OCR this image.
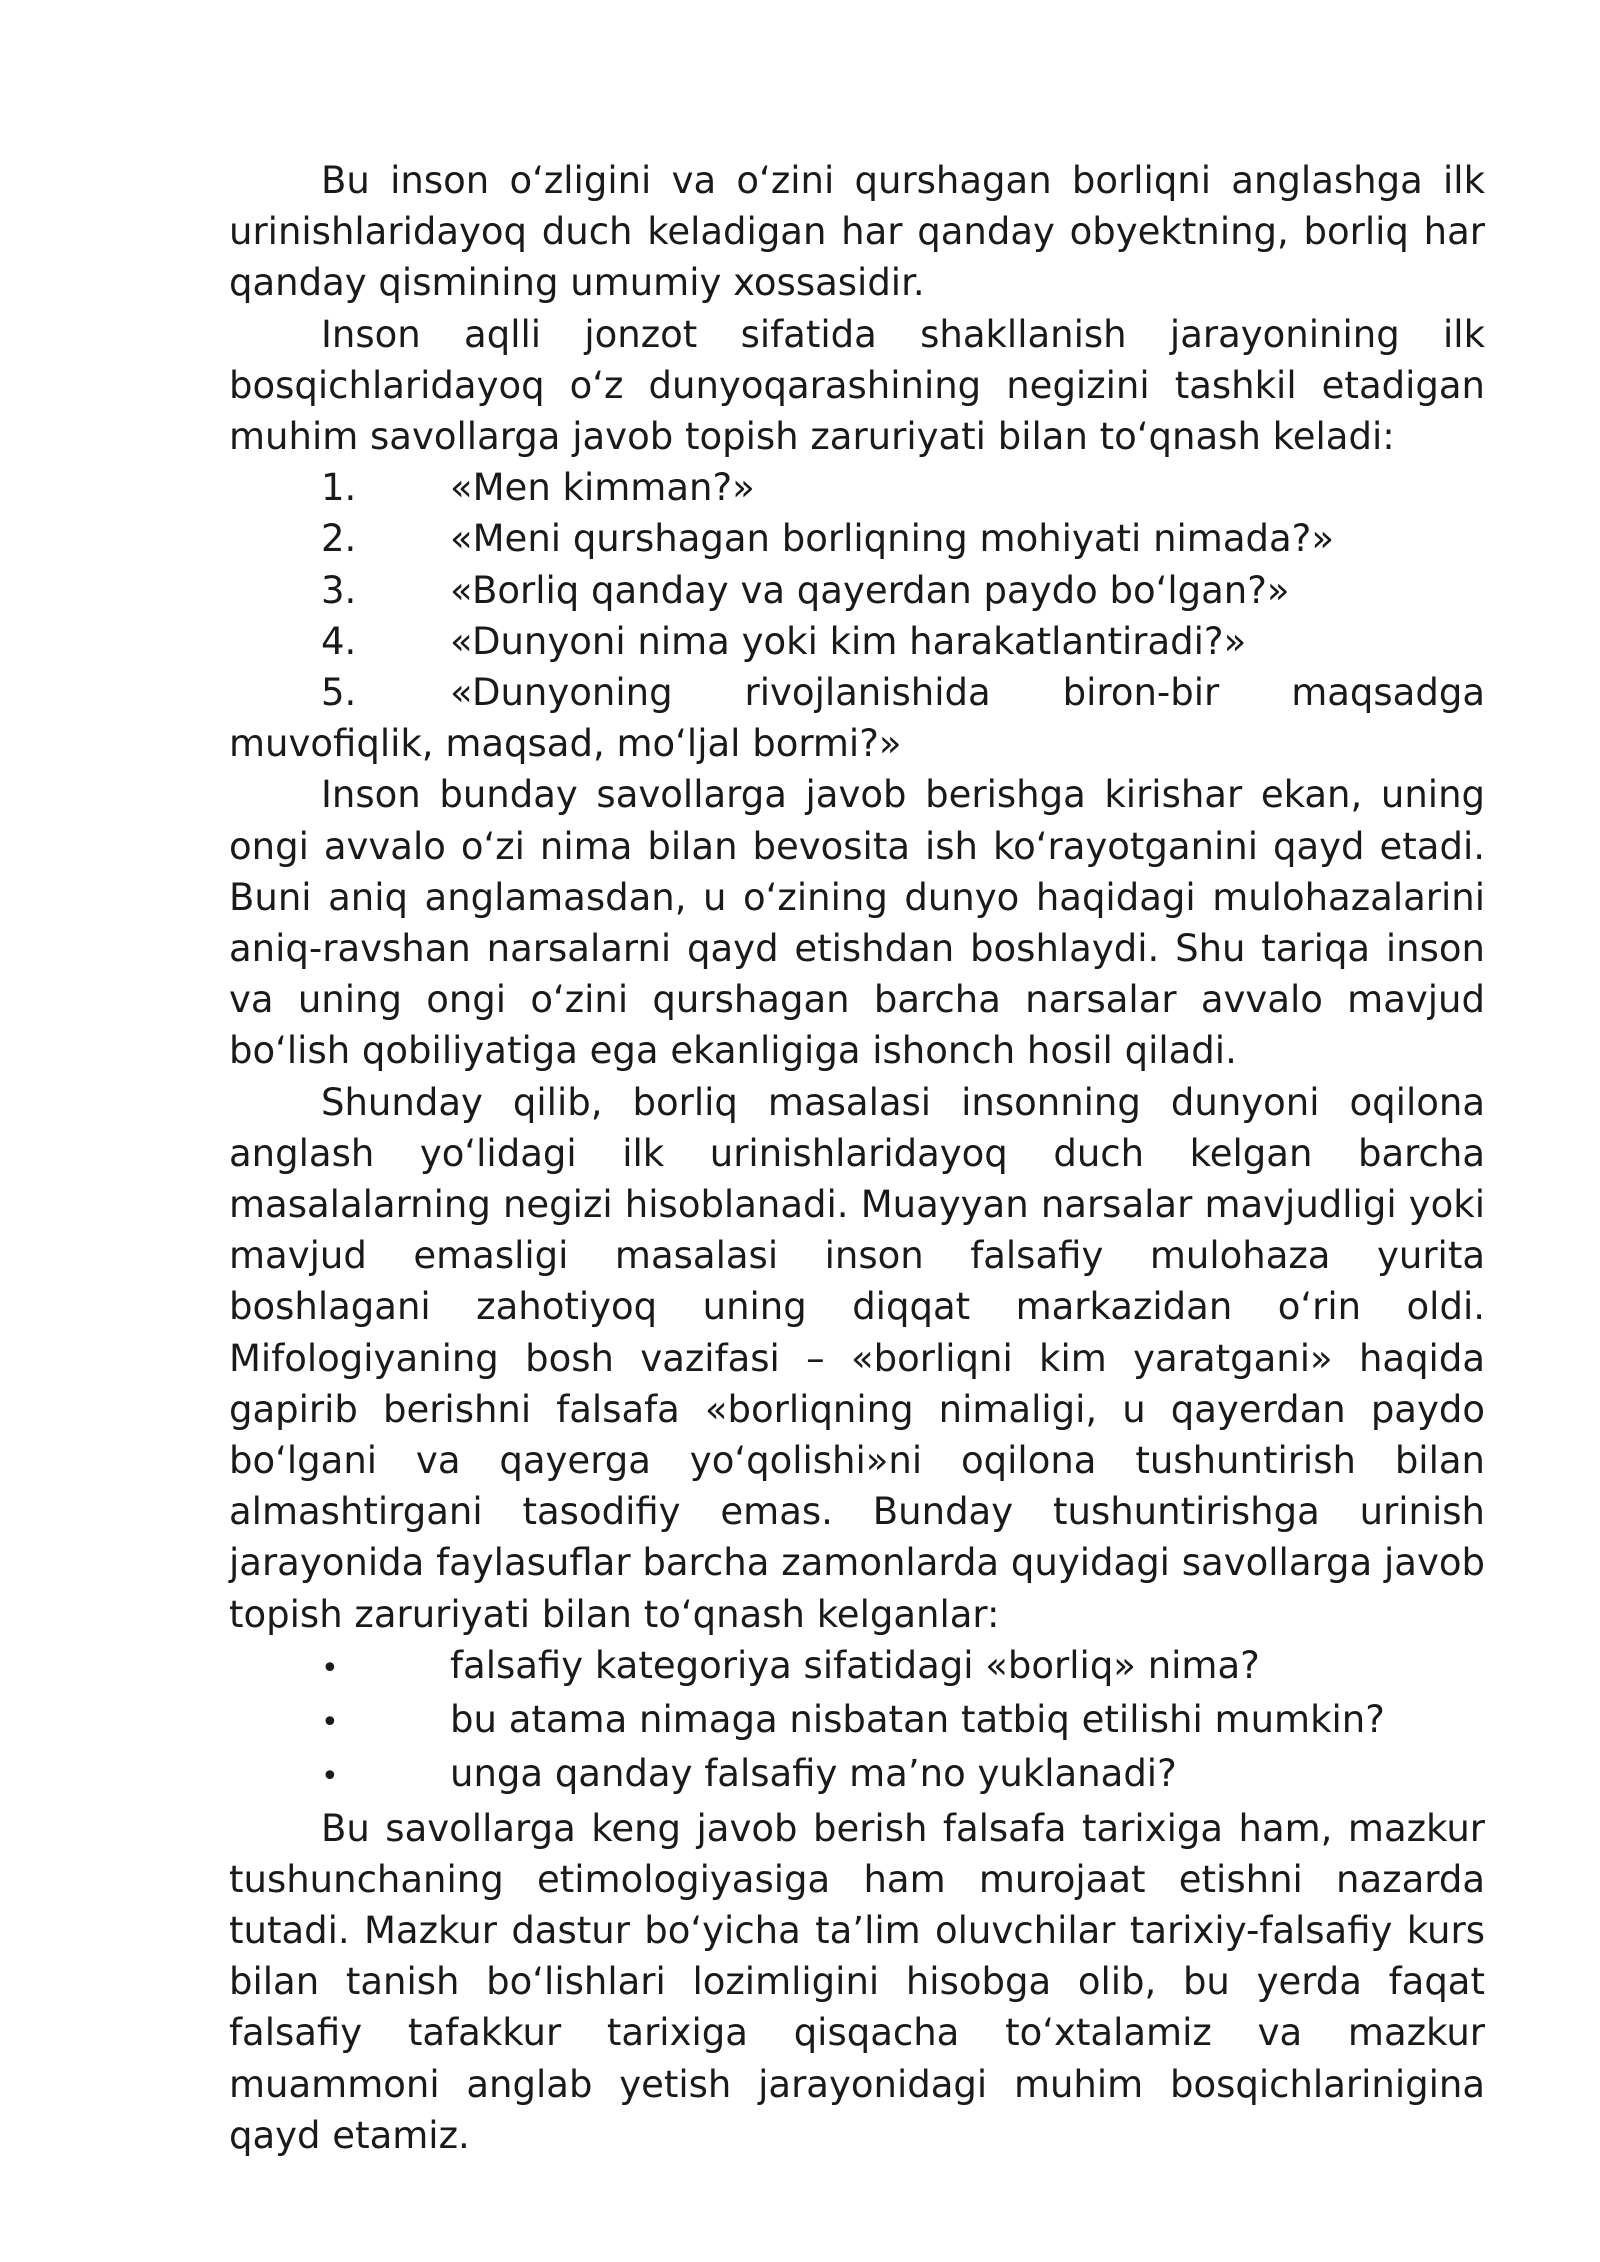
Bu inson o‘zligini va o‘zini qurshagan borliqni anglashga ilk urinishlaridayoq duch keladigan har qanday obyektning, borliq har qanday qismining umumiy xossasidir.

Inson aqlli jonzot sifatida shakllanish jarayonining ilk bosqichlaridayoq o‘z dunyoqarashining negizini tashkil etadigan muhim savollarga javob topish zaruriyati bilan to‘qnash keladi:

1.	«Men kimman?»
2.	«Meni qurshagan borliqning mohiyati nimada?»
3.	«Borliq qanday va qayerdan paydo bo‘lgan?»
4.	«Dunyoni nima yoki kim harakatlantiradi?»
5.	«Dunyoning rivojlanishida biron-bir maqsadga muvofiqlik, maqsad, mo‘ljal bormi?»

Inson bunday savollarga javob berishga kirishar ekan, uning ongi avvalo o‘zi nima bilan bevosita ish ko‘rayotganini qayd etadi. Buni aniq anglamasdan, u o‘zining dunyo haqidagi mulohazalarini aniq-ravshan narsalarni qayd etishdan boshlaydi. Shu tariqa inson va uning ongi o‘zini qurshagan barcha narsalar avvalo mavjud bo‘lish qobiliyatiga ega ekanligiga ishonch hosil qiladi.

Shunday qilib, borliq masalasi insonning dunyoni oqilona anglash yo‘lidagi ilk urinishlaridayoq duch kelgan barcha masalalarning negizi hisoblanadi. Muayyan narsalar mavjudligi yoki mavjud emasligi masalasi inson falsafiy mulohaza yurita boshlagani zahotiyoq uning diqqat markazidan o‘rin oldi. Mifologiyaning bosh vazifasi – «borliqni kim yaratgani» haqida gapirib berishni falsafa «borliqning nimaligi, u qayerdan paydo bo‘lgani va qayerga yo‘qolishi»ni oqilona tushuntirish bilan almashtirgani tasodifiy emas. Bunday tushuntirishga urinish jarayonida faylasuflar barcha zamonlarda quyidagi savollarga javob topish zaruriyati bilan to‘qnash kelganlar:

•	falsafiy kategoriya sifatidagi «borliq» nima?
•	bu atama nimaga nisbatan tatbiq etilishi mumkin?
•	unga qanday falsafiy ma’no yuklanadi?

Bu savollarga keng javob berish falsafa tarixiga ham, mazkur tushunchaning etimologiyasiga ham murojaat etishni nazarda tutadi. Mazkur dastur bo‘yicha ta’lim oluvchilar tarixiy-falsafiy kurs bilan tanish bo‘lishlari lozimligini hisobga olib, bu yerda faqat falsafiy tafakkur tarixiga qisqacha to‘xtalamiz va mazkur muammoni anglab yetish jarayonidagi muhim bosqichlarinigina qayd etamiz.
